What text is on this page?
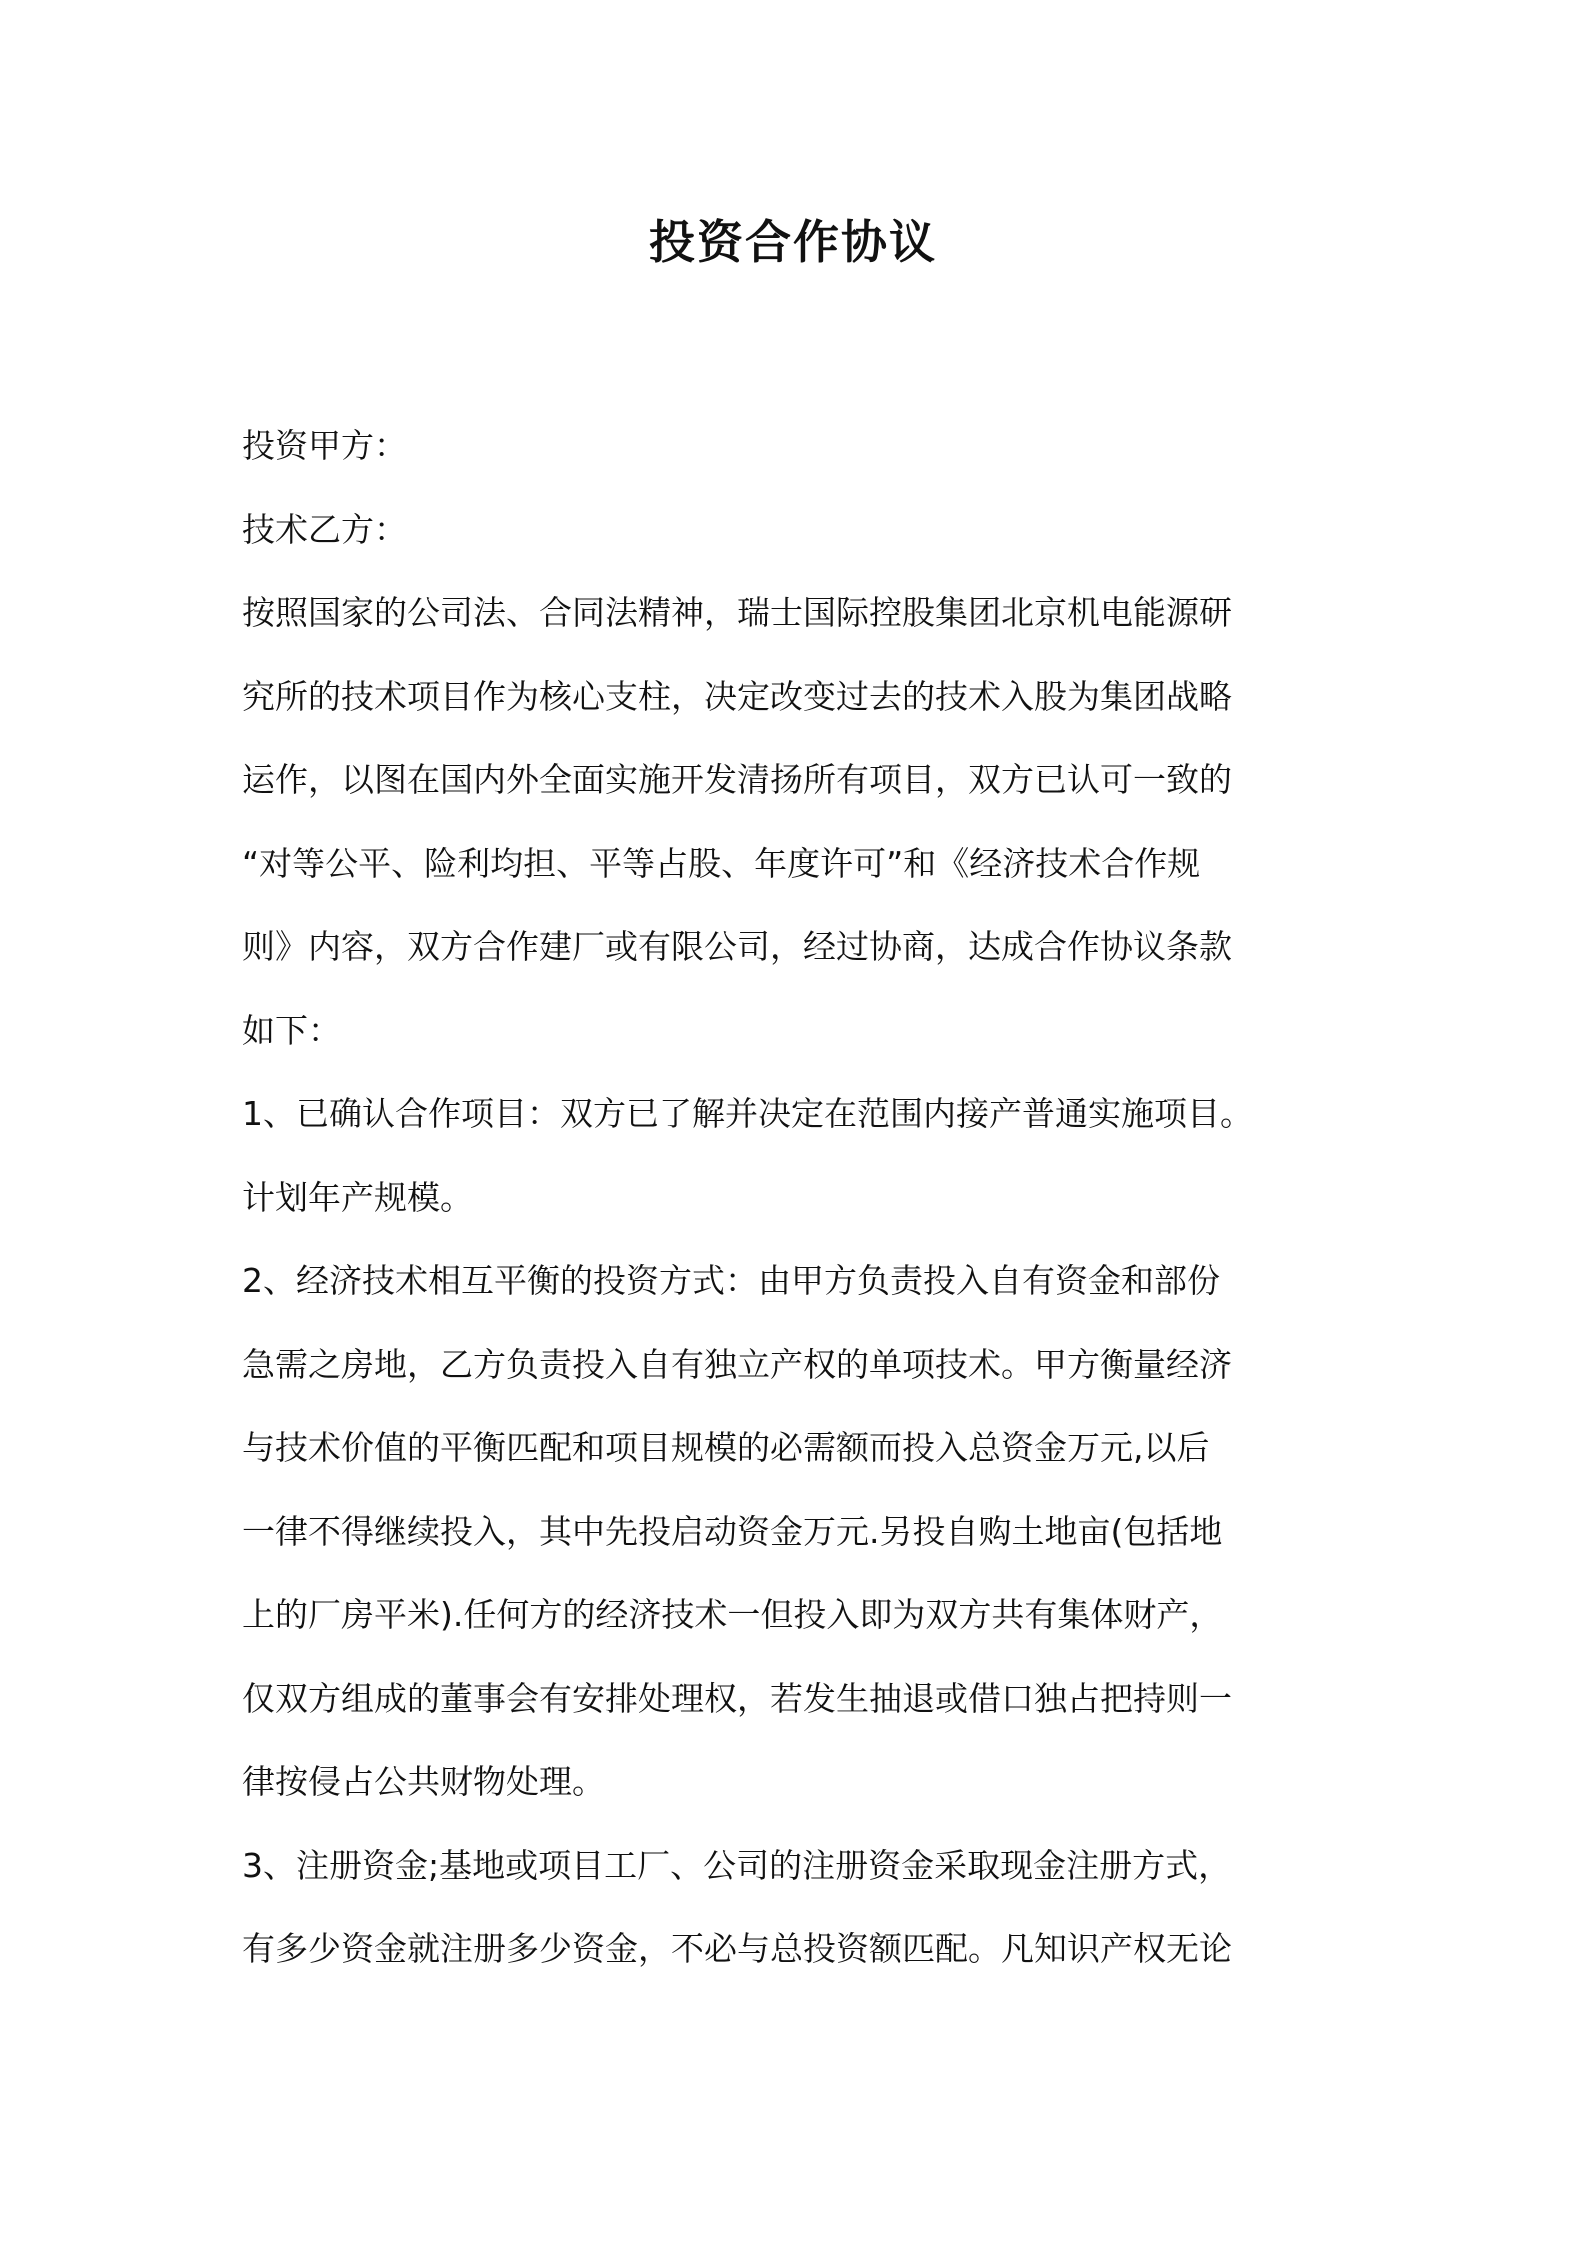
投资合作协议
投资甲方：
技术乙方：
按照国家的公司法、合同法精神，瑞士国际控股集团北京机电能源研
究所的技术项目作为核心支柱，决定改变过去的技术入股为集团战略
运作，以图在国内外全面实施开发清扬所有项目，双方已认可一致的
“对等公平、险利均担、平等占股、年度许可”和《经济技术合作规
则》内容，双方合作建厂或有限公司，经过协商，达成合作协议条款
如下：
1、已确认合作项目：双方已了解并决定在范围内接产普通实施项目。
计划年产规模。
2、经济技术相互平衡的投资方式：由甲方负责投入自有资金和部份
急需之房地，乙方负责投入自有独立产权的单项技术。甲方衡量经济
与技术价值的平衡匹配和项目规模的必需额而投入总资金万元,以后
一律不得继续投入，其中先投启动资金万元.另投自购土地亩(包括地
上的厂房平米).任何方的经济技术一但投入即为双方共有集体财产，
仅双方组成的董事会有安排处理权，若发生抽退或借口独占把持则一
律按侵占公共财物处理。
3、注册资金;基地或项目工厂、公司的注册资金采取现金注册方式，
有多少资金就注册多少资金，不必与总投资额匹配。凡知识产权无论
